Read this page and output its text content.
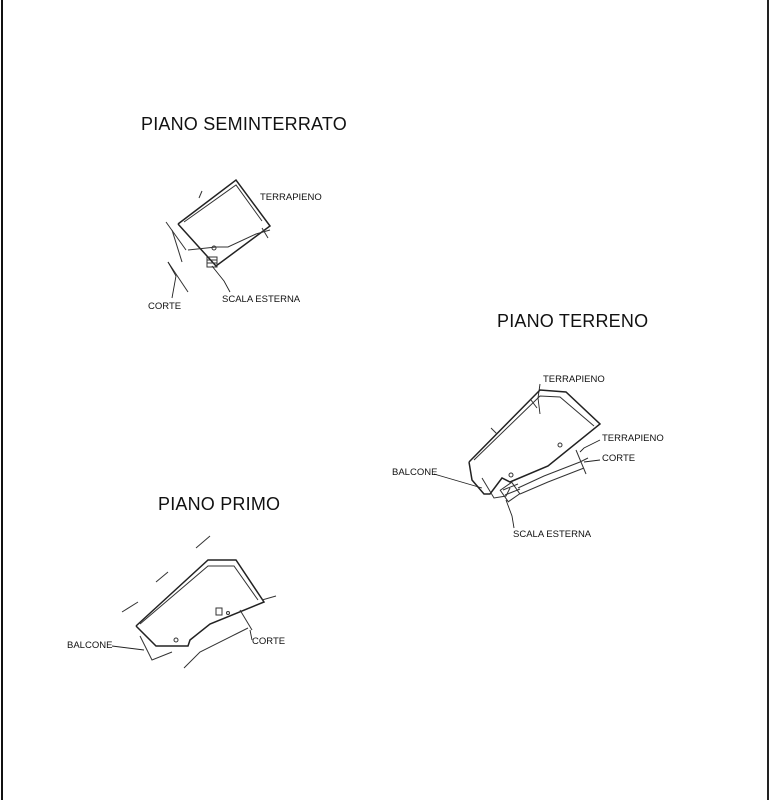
PIANO SEMINTERRATO
PIANO TERRENO
PIANO PRIMO
TERRAPIENO
CORTE
SCALA ESTERNA
TERRAPIENO
TERRAPIENO
CORTE
BALCONE
SCALA ESTERNA
BALCONE	CORTE
